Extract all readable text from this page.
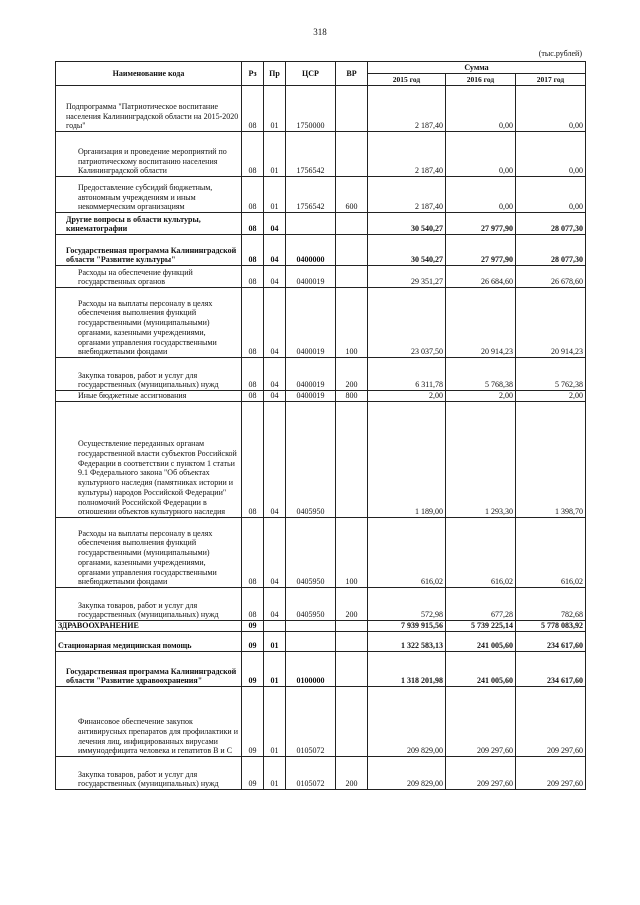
318
(тыс.рублей)
Наименование кода	Рз	Пр	ЦСР	ВР	Сумма		
					2015 год	2016 год	2017 год
Подпрограмма "Патриотическое воспитание населения Калининградской области на 2015-2020 годы"	08	01	1750000		2 187,40	0,00	0,00
Организация и проведение мероприятий по патриотическому воспитанию населения Калининградской области	08	01	1756542		2 187,40	0,00	0,00
Предоставление субсидий бюджетным, автономным учреждениям и иным некоммерческим организациям	08	01	1756542	600	2 187,40	0,00	0,00
Другие вопросы в области культуры, кинематографии	08	04			30 540,27	27 977,90	28 077,30
Государственная программа Калининградской области "Развитие культуры"	08	04	0400000		30 540,27	27 977,90	28 077,30
Расходы на обеспечение функций государственных органов	08	04	0400019		29 351,27	26 684,60	26 678,60
Расходы на выплаты персоналу в целях обеспечения выполнения функций государственными (муниципальными) органами, казенными учреждениями, органами управления государственными внебюджетными фондами	08	04	0400019	100	23 037,50	20 914,23	20 914,23
Закупка товаров, работ и услуг для государственных (муниципальных) нужд	08	04	0400019	200	6 311,78	5 768,38	5 762,38
Иные бюджетные ассигнования	08	04	0400019	800	2,00	2,00	2,00
Осуществление переданных органам государственной власти субъектов Российской Федерации в соответствии с пунктом 1 статьи 9.1 Федерального закона "Об объектах культурного наследия (памятниках истории и культуры) народов Российской Федерации" полномочий Российской Федерации в отношении объектов культурного наследия	08	04	0405950		1 189,00	1 293,30	1 398,70
Расходы на выплаты персоналу в целях обеспечения выполнения функций государственными (муниципальными) органами, казенными учреждениями, органами управления государственными внебюджетными фондами	08	04	0405950	100	616,02	616,02	616,02
Закупка товаров, работ и услуг для государственных (муниципальных) нужд	08	04	0405950	200	572,98	677,28	782,68
ЗДРАВООХРАНЕНИЕ	09				7 939 915,56	5 739 225,14	5 778 083,92
Стационарная медицинская помощь	09	01			1 322 583,13	241 005,60	234 617,60
Государственная программа Калининградской области "Развитие здравоохранения"	09	01	0100000		1 318 201,98	241 005,60	234 617,60
Финансовое обеспечение закупок антивирусных препаратов для профилактики и лечения лиц, инфицированных вирусами иммунодефицита человека и гепатитов B и C	09	01	0105072		209 829,00	209 297,60	209 297,60
Закупка товаров, работ и услуг для государственных (муниципальных) нужд	09	01	0105072	200	209 829,00	209 297,60	209 297,60
